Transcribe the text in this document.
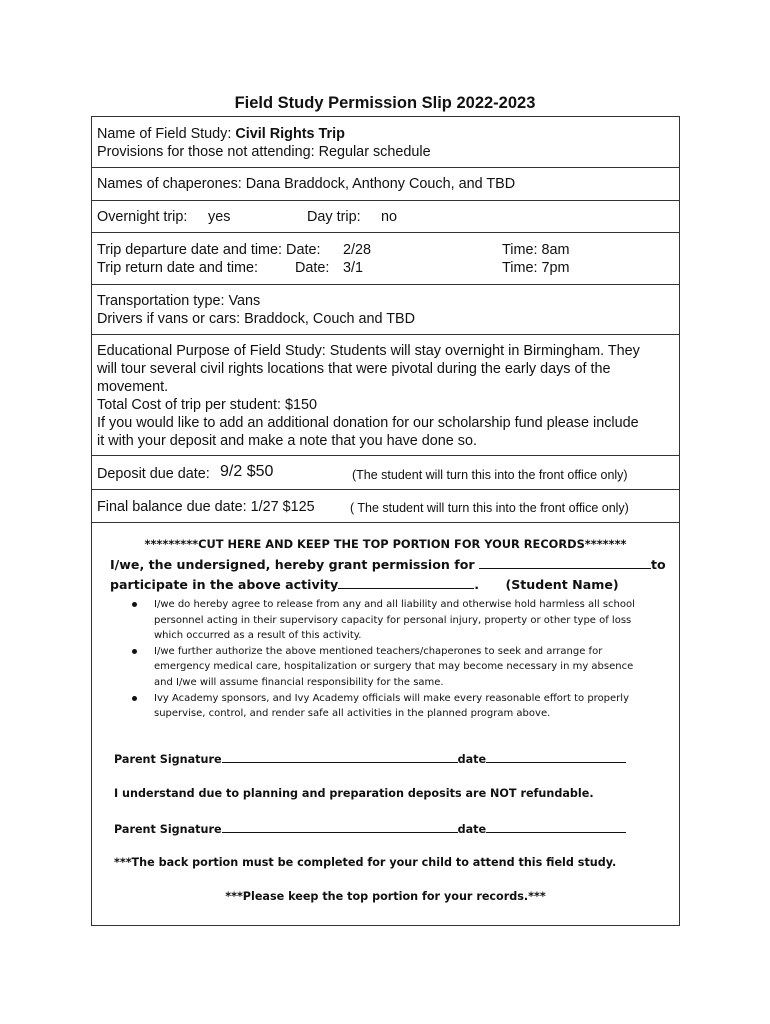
Field Study Permission Slip 2022-2023
Name of Field Study: Civil Rights Trip
Provisions for those not attending: Regular schedule
Names of chaperones: Dana Braddock, Anthony Couch, and TBD
Overnight trip: yes	Day trip: no
Trip departure date and time: Date: 2/28	Time: 8am
Trip return date and time:	Date: 3/1	Time: 7pm
Transportation type: Vans
Drivers if vans or cars: Braddock, Couch and TBD
Educational Purpose of Field Study: Students will stay overnight in Birmingham. They
will tour several civil rights locations that were pivotal during the early days of the
movement.
Total Cost of trip per student: $150
If you would like to add an additional donation for our scholarship fund please include
it with your deposit and make a note that you have done so.
Deposit due date: 9/2 $50	(The student will turn this into the front office only)
Final balance due date: 1/27 $125	( The student will turn this into the front office only)
*********CUT HERE AND KEEP THE TOP PORTION FOR YOUR RECORDS*******
I/we, the undersigned, hereby grant permission for	to
participate in the above activity	. (Student Name)
I/we do hereby agree to release from any and all liability and otherwise hold harmless all school personnel acting in their supervisory capacity for personal injury, property or other type of loss which occurred as a result of this activity.
I/we further authorize the above mentioned teachers/chaperones to seek and arrange for emergency medical care, hospitalization or surgery that may become necessary in my absence and I/we will assume financial responsibility for the same.
Ivy Academy sponsors, and Ivy Academy officials will make every reasonable effort to properly supervise, control, and render safe all activities in the planned program above.
Parent Signature	date
I understand due to planning and preparation deposits are NOT refundable.
Parent Signature	date
***The back portion must be completed for your child to attend this field study.
***Please keep the top portion for your records.***
